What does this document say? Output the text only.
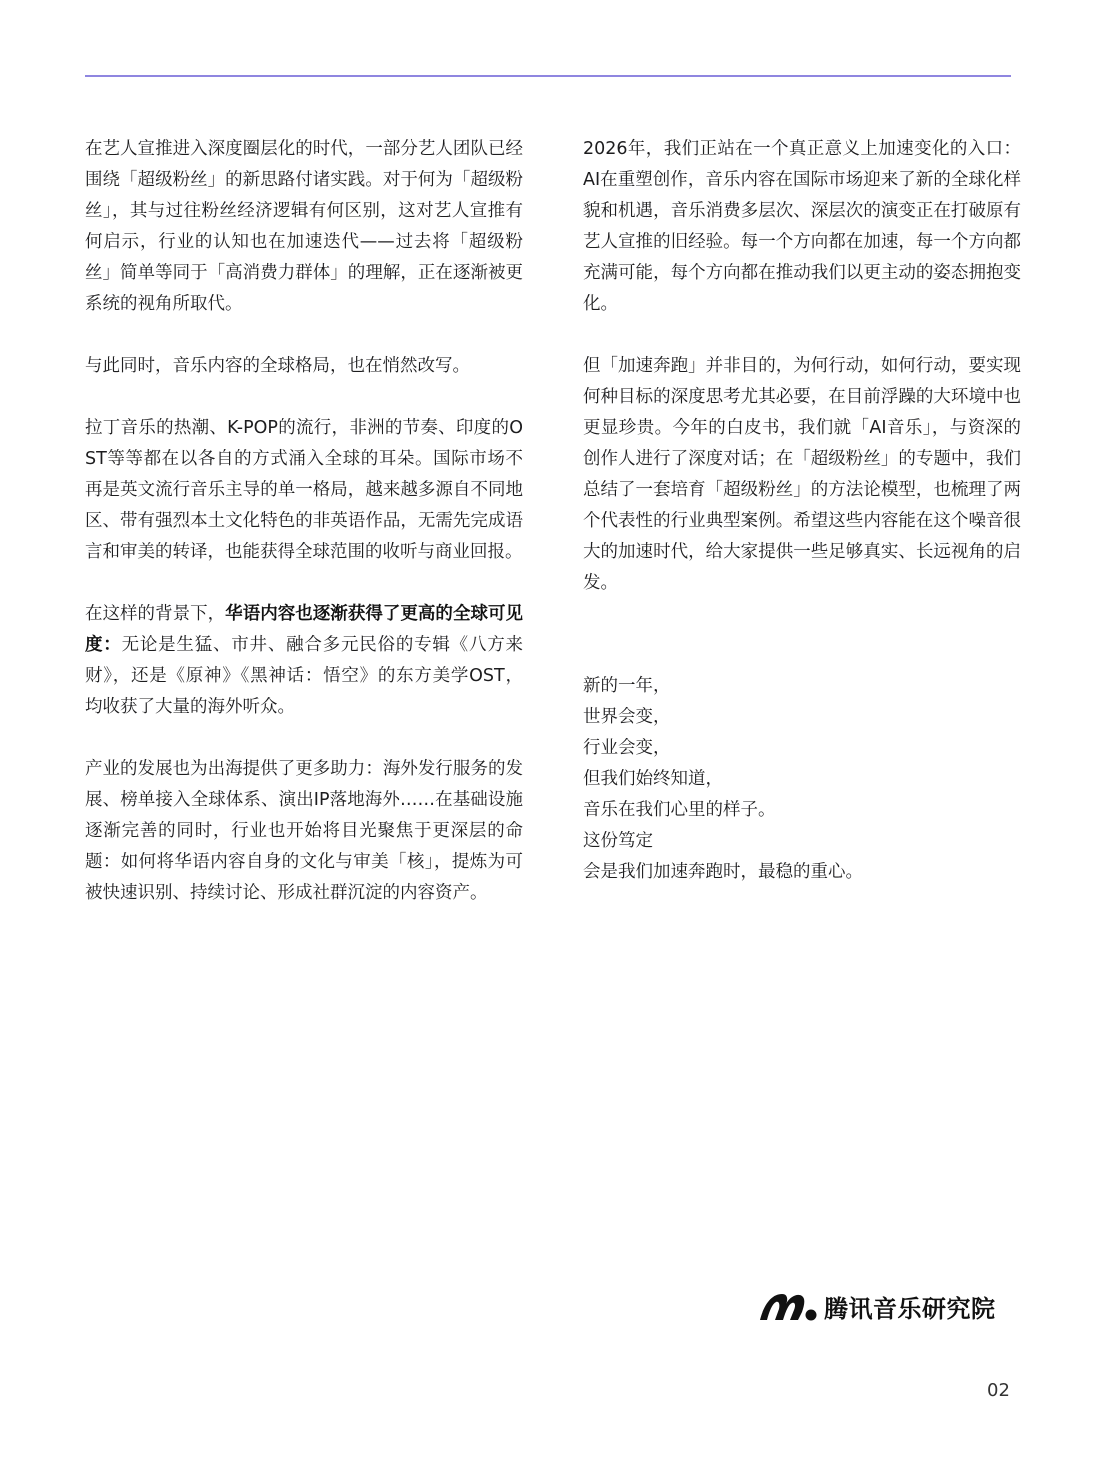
在艺人宣推进入深度圈层化的时代，一部分艺人团队已经围绕「超级粉丝」的新思路付诸实践。对于何为「超级粉丝」，其与过往粉丝经济逻辑有何区别，这对艺人宣推有何启示，行业的认知也在加速迭代——过去将「超级粉丝」简单等同于「高消费力群体」的理解，正在逐渐被更系统的视角所取代。

与此同时，音乐内容的全球格局，也在悄然改写。

拉丁音乐的热潮、K-POP的流行，非洲的节奏、印度的OST等等都在以各自的方式涌入全球的耳朵。国际市场不再是英文流行音乐主导的单一格局，越来越多源自不同地区、带有强烈本土文化特色的非英语作品，无需先完成语言和审美的转译，也能获得全球范围的收听与商业回报。

在这样的背景下，华语内容也逐渐获得了更高的全球可见度：无论是生猛、市井、融合多元民俗的专辑《八方来财》，还是《原神》《黑神话：悟空》的东方美学OST，均收获了大量的海外听众。

产业的发展也为出海提供了更多助力：海外发行服务的发展、榜单接入全球体系、演出IP落地海外……在基础设施逐渐完善的同时，行业也开始将目光聚焦于更深层的命题：如何将华语内容自身的文化与审美「核」，提炼为可被快速识别、持续讨论、形成社群沉淀的内容资产。

2026年，我们正站在一个真正意义上加速变化的入口：AI在重塑创作，音乐内容在国际市场迎来了新的全球化样貌和机遇，音乐消费多层次、深层次的演变正在打破原有艺人宣推的旧经验。每一个方向都在加速，每一个方向都充满可能，每个方向都在推动我们以更主动的姿态拥抱变化。

但「加速奔跑」并非目的，为何行动，如何行动，要实现何种目标的深度思考尤其必要，在目前浮躁的大环境中也更显珍贵。今年的白皮书，我们就「AI音乐」，与资深的创作人进行了深度对话；在「超级粉丝」的专题中，我们总结了一套培育「超级粉丝」的方法论模型，也梳理了两个代表性的行业典型案例。希望这些内容能在这个噪音很大的加速时代，给大家提供一些足够真实、长远视角的启发。

新的一年，
世界会变，
行业会变，
但我们始终知道，
音乐在我们心里的样子。
这份笃定
会是我们加速奔跑时，最稳的重心。
腾讯音乐研究院
02
